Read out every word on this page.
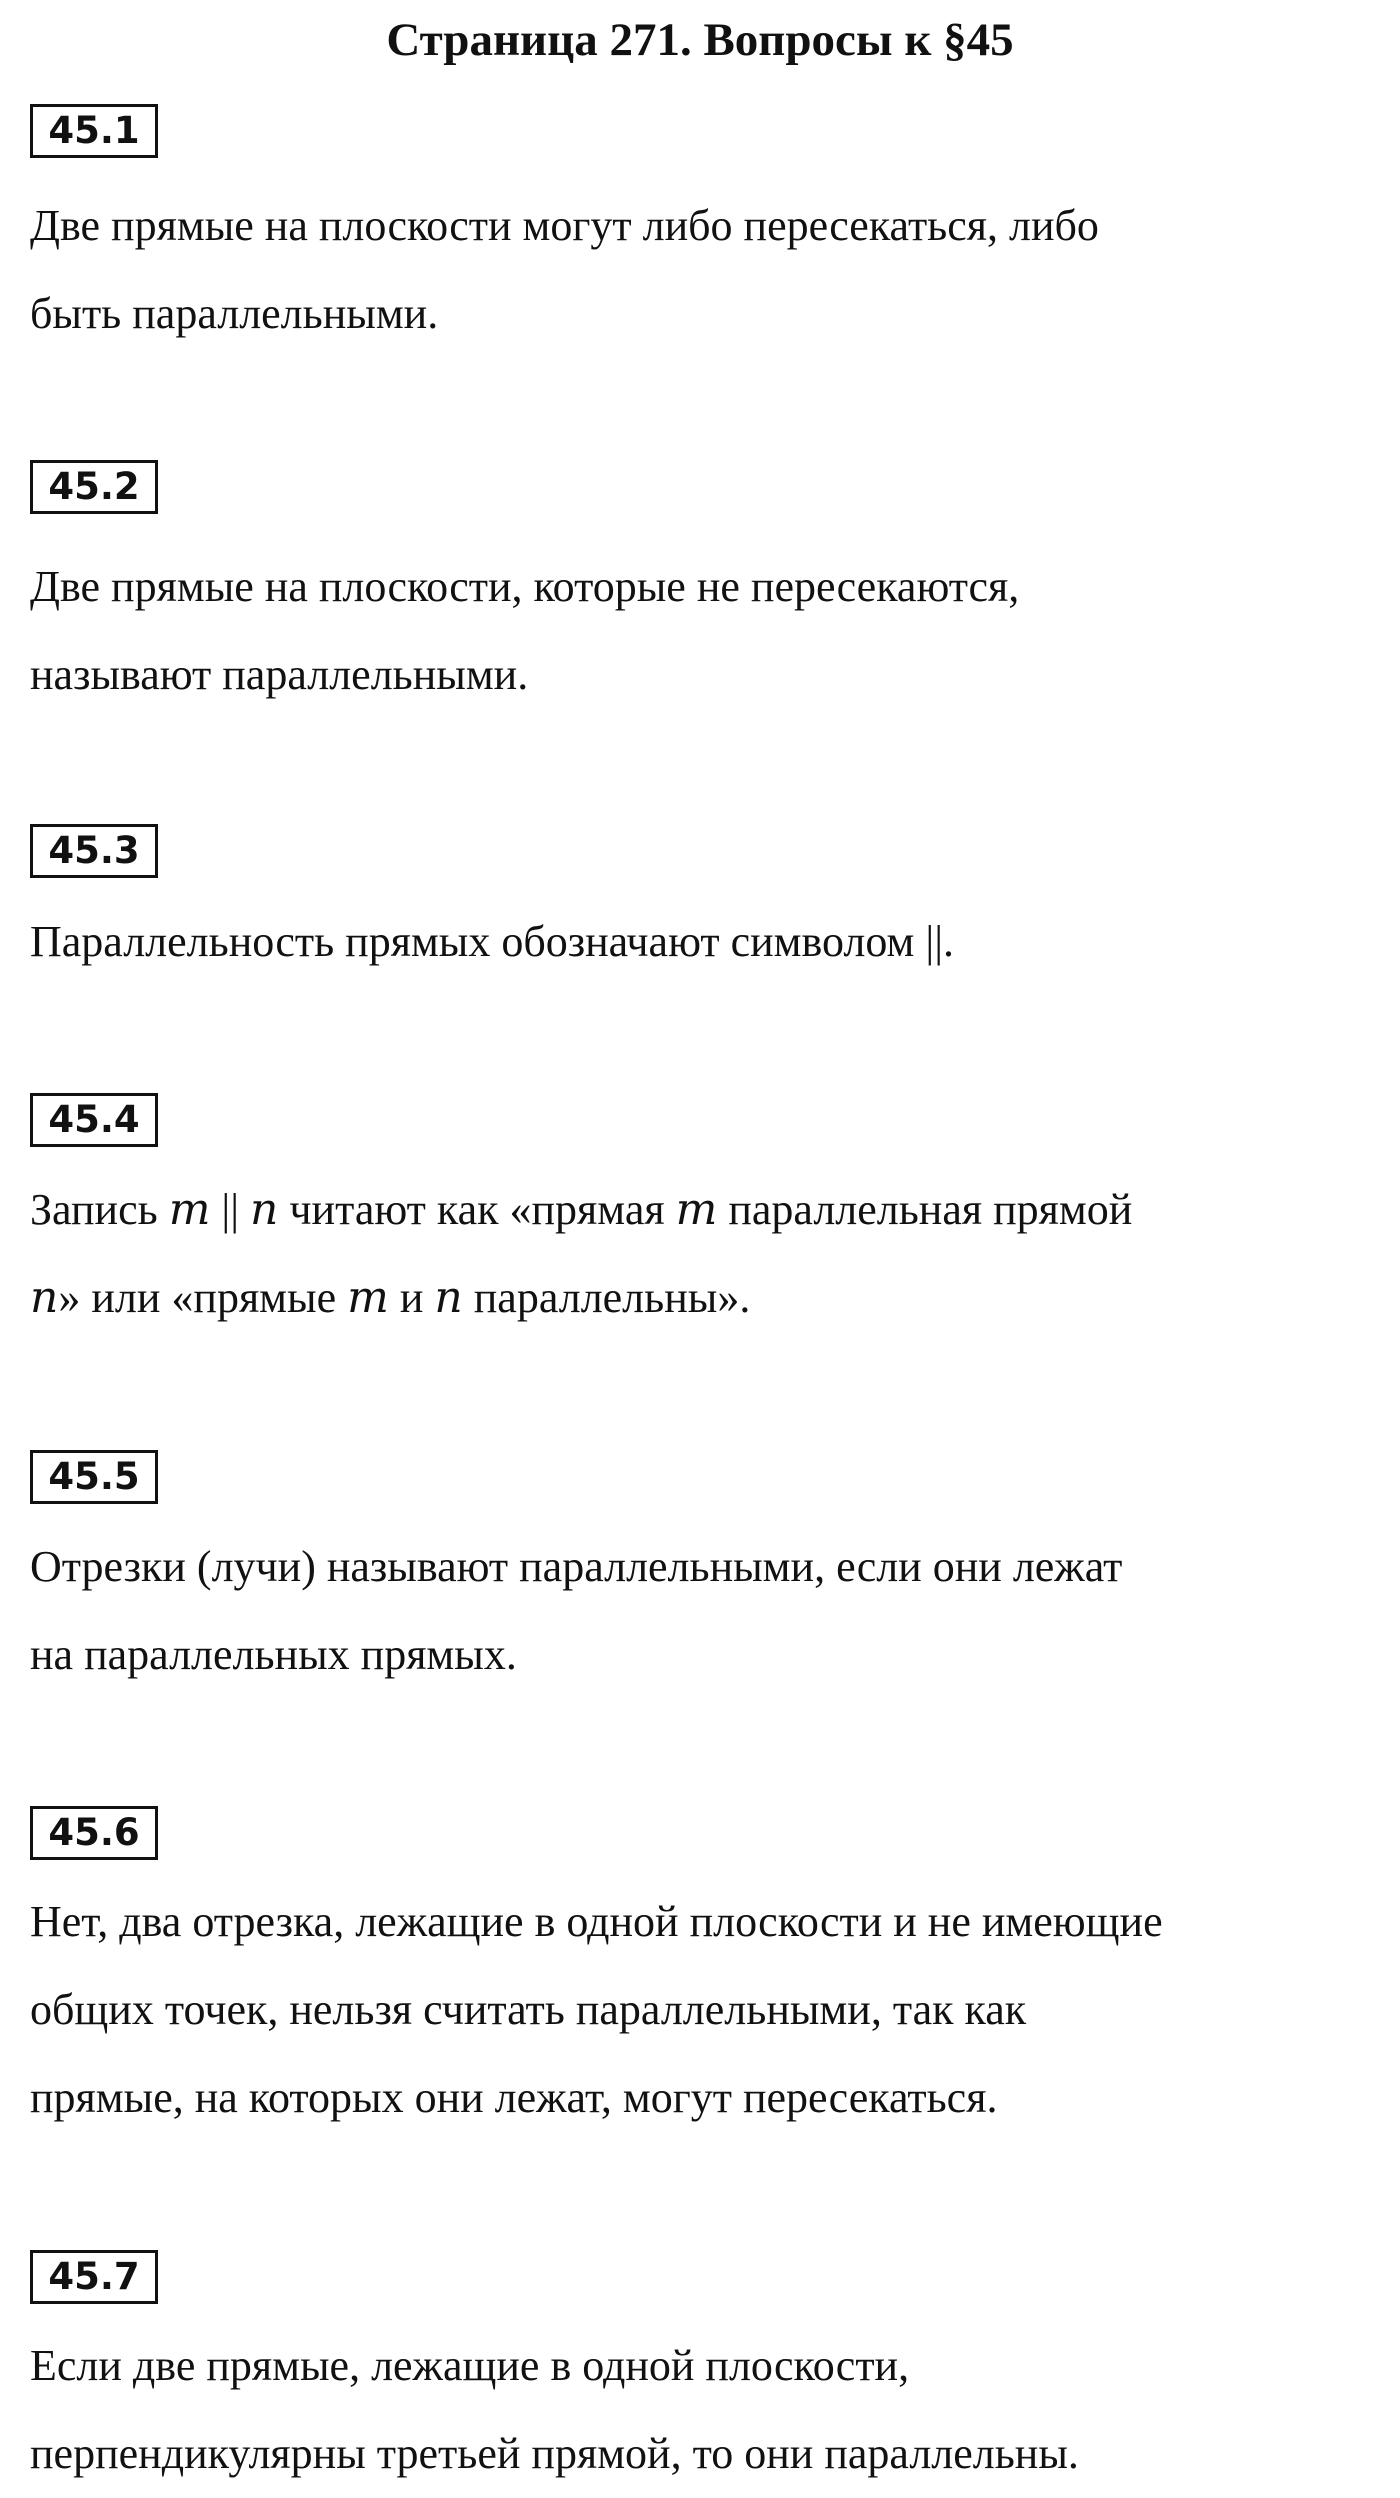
Страница 271. Вопросы к §45
45.1
Две прямые на плоскости могут либо пересекаться, либо
быть параллельными.
45.2
Две прямые на плоскости, которые не пересекаются,
называют параллельными.
45.3
Параллельность прямых обозначают символом ||.
45.4
Запись m || n читают как «прямая m параллельная прямой
n» или «прямые m и n параллельны».
45.5
Отрезки (лучи) называют параллельными, если они лежат
на параллельных прямых.
45.6
Нет, два отрезка, лежащие в одной плоскости и не имеющие
общих точек, нельзя считать параллельными, так как
прямые, на которых они лежат, могут пересекаться.
45.7
Если две прямые, лежащие в одной плоскости,
перпендикулярны третьей прямой, то они параллельны.
